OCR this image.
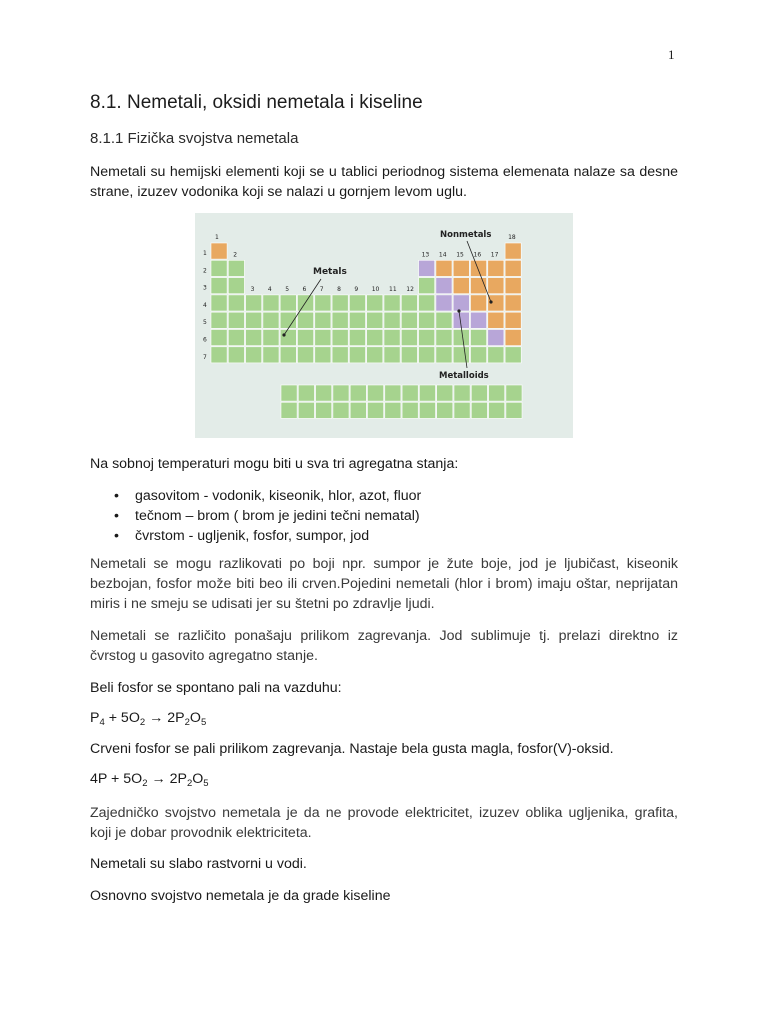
1
8.1. Nemetali, oksidi nemetala i kiseline
8.1.1 Fizička svojstva nemetala
Nemetali su hemijski elementi koji se u tablici periodnog sistema elemenata nalaze sa desne strane, izuzev vodonika koji se nalazi u gornjem levom uglu.
1
2
3
4
5
6
7
1
2
3 4 5 6 7 8 9 10 11 12
13 14 15 16 17
18
Metals
Nonmetals
Metalloids
Na sobnoj temperaturi mogu biti u sva tri agregatna stanja:
• gasovitom - vodonik, kiseonik, hlor, azot, fluor
• tečnom – brom ( brom je jedini tečni nematal)
• čvrstom - ugljenik, fosfor, sumpor, jod
Nemetali se mogu razlikovati po boji npr. sumpor je žute boje, jod je ljubičast, kiseonik bezbojan, fosfor može biti beo ili crven.Pojedini nemetali (hlor i brom) imaju oštar, neprijatan miris i ne smeju se udisati jer su štetni po zdravlje ljudi.
Nemetali se različito ponašaju prilikom zagrevanja. Jod sublimuje tj. prelazi direktno iz čvrstog u gasovito agregatno stanje.
Beli fosfor se spontano pali na vazduhu:
$P_4 + 5O_2 \to 2P_2O_5$
Crveni fosfor se pali prilikom zagrevanja. Nastaje bela gusta magla, fosfor(V)-oksid.
$4P + 5O_2 \to 2P_2O_5$
Zajedničko svojstvo nemetala je da ne provode elektricitet, izuzev oblika ugljenika, grafita, koji je dobar provodnik elektriciteta.
Nemetali su slabo rastvorni u vodi.
Osnovno svojstvo nemetala je da grade kiseline
